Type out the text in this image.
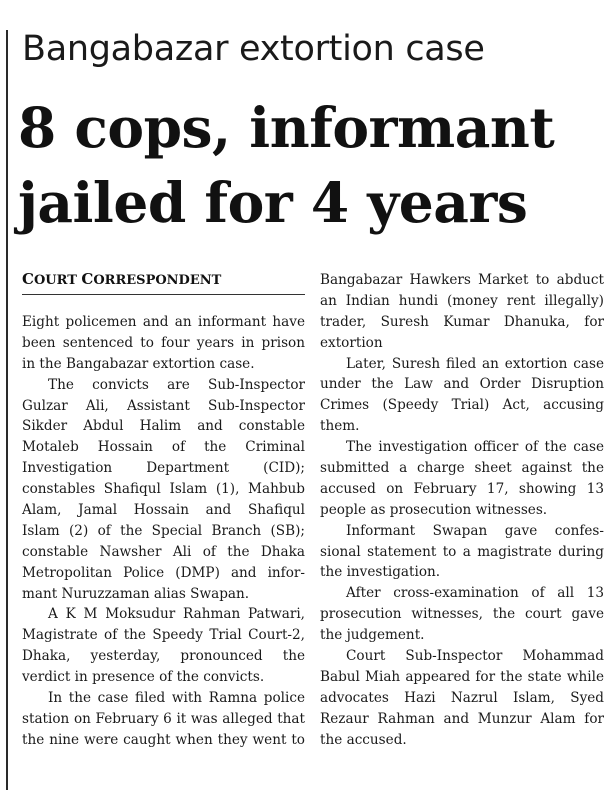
Bangabazar extortion case
8 cops, informant
jailed for 4 years
COURT CORRESPONDENT
Eight policemen and an informant have
been sentenced to four years in prison
in the Bangabazar extortion case.
The convicts are Sub-Inspector
Gulzar Ali, Assistant Sub-Inspector
Sikder Abdul Halim and constable
Motaleb Hossain of the Criminal
Investigation Department (CID);
constables Shafiqul Islam (1), Mahbub
Alam, Jamal Hossain and Shafiqul
Islam (2) of the Special Branch (SB);
constable Nawsher Ali of the Dhaka
Metropolitan Police (DMP) and infor-
mant Nuruzzaman alias Swapan.
A K M Moksudur Rahman Patwari,
Magistrate of the Speedy Trial Court-2,
Dhaka, yesterday, pronounced the
verdict in presence of the convicts.
In the case filed with Ramna police
station on February 6 it was alleged that
the nine were caught when they went to
Bangabazar Hawkers Market to abduct
an Indian hundi (money rent illegally)
trader, Suresh Kumar Dhanuka, for
extortion
Later, Suresh filed an extortion case
under the Law and Order Disruption
Crimes (Speedy Trial) Act, accusing
them.
The investigation officer of the case
submitted a charge sheet against the
accused on February 17, showing 13
people as prosecution witnesses.
Informant Swapan gave confes-
sional statement to a magistrate during
the investigation.
After cross-examination of all 13
prosecution witnesses, the court gave
the judgement.
Court Sub-Inspector Mohammad
Babul Miah appeared for the state while
advocates Hazi Nazrul Islam, Syed
Rezaur Rahman and Munzur Alam for
the accused.
